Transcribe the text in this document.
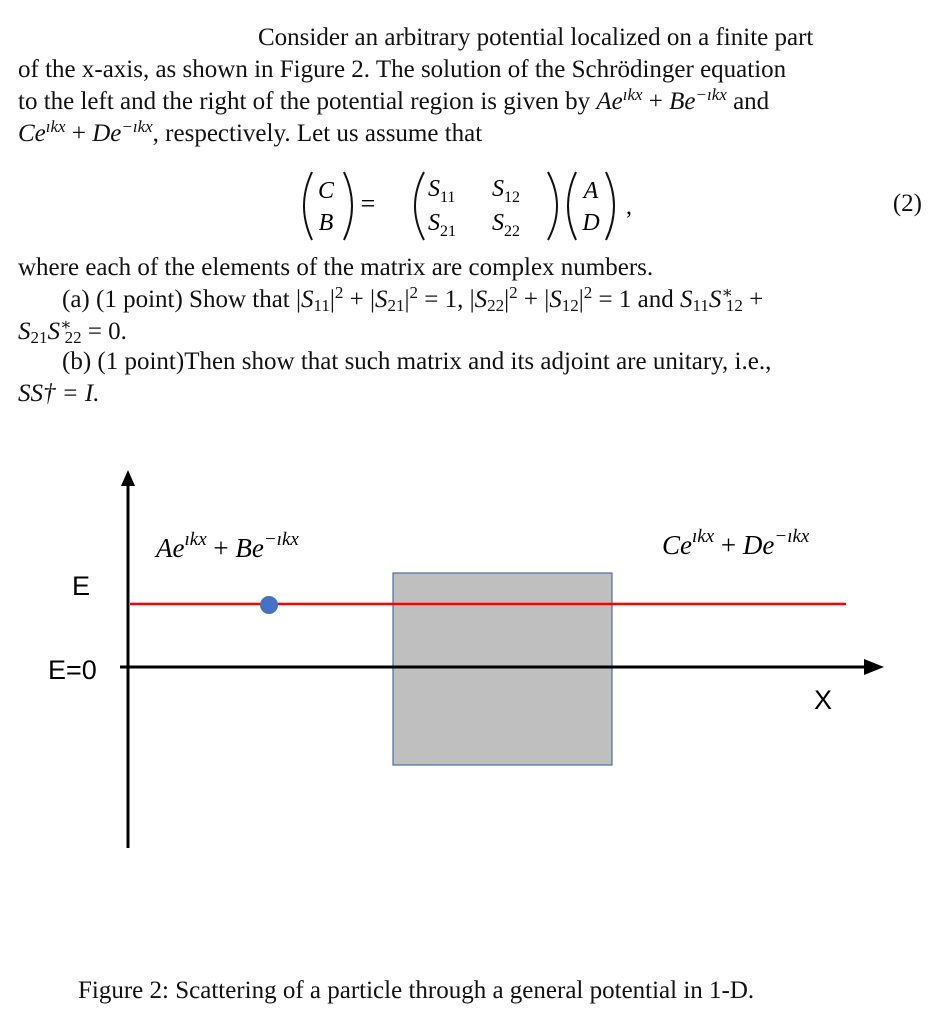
Consider an arbitrary potential localized on a finite part
of the x-axis, as shown in Figure 2. The solution of the Schrödinger equation
to the left and the right of the potential region is given by $Ae^{ıkx} + Be^{-ıkx}$ and
$Ce^{ıkx} + De^{-ıkx}$, respectively. Let us assume that
C
B
= $S_{11}$ $S_{12}$
$S_{21}$ $S_{22}$
A
D
,	(2)
where each of the elements of the matrix are complex numbers.
(a) (1 point) Show that $|S_{11}|^2 + |S_{21}|^2 = 1$, $|S_{22}|^2 + |S_{12}|^2 = 1$ and $S_{11}S^∗_{12}$ +
$S_{21}S^∗_{22} = 0$.
(b) (1 point)Then show that such matrix and its adjoint are unitary, i.e.,
SS† = I.
E
E=0
X
$Ae^{ıkx} + Be^{-ıkx}$	$Ce^{ıkx} + De^{-ıkx}$
Figure 2: Scattering of a particle through a general potential in 1-D.
